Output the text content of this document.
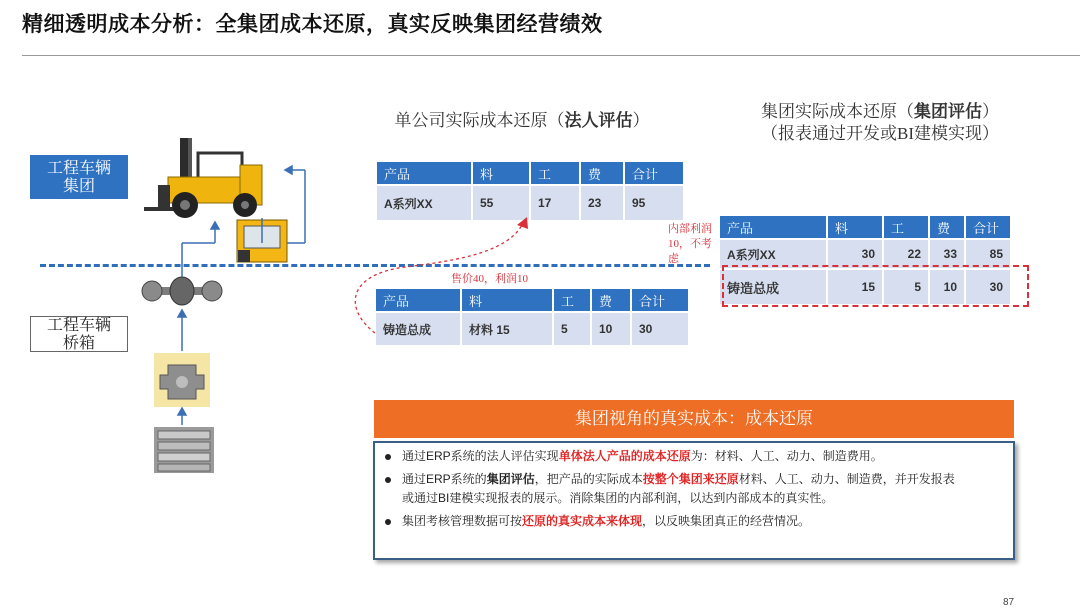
精细透明成本分析：全集团成本还原，真实反映集团经营绩效
工程车辆集团
工程车辆桥箱
单公司实际成本还原（法人评估）
产品	料	工	费	合计
A系列XX	55	17	23	95
售价40，利润10
产品	料	工	费	合计
铸造总成	材料 15	5	10	30
集团实际成本还原（集团评估）
（报表通过开发或BI建模实现）
内部利润10，不考虑
产品	料	工	费	合计
A系列XX	30	22	33	85
铸造总成	15	5	10	30
集团视角的真实成本：成本还原
通过ERP系统的法人评估实现单体法人产品的成本还原为：材料、人工、动力、制造费用。
通过ERP系统的集团评估，把产品的实际成本按整个集团来还原材料、人工、动力、制造费，并开发报表
或通过BI建模实现报表的展示。消除集团的内部利润，以达到内部成本的真实性。
集团考核管理数据可按还原的真实成本来体现，以反映集团真正的经营情况。
87
